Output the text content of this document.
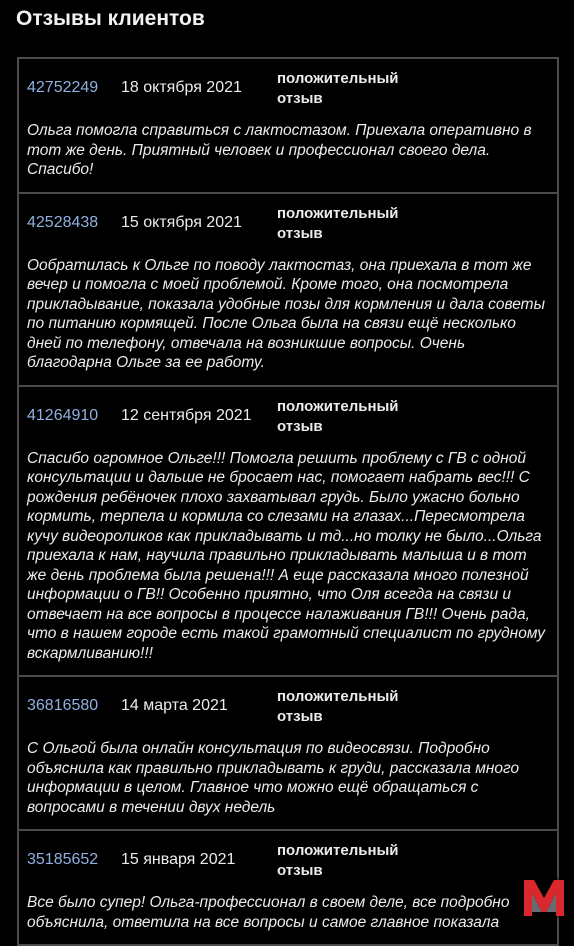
Отзывы клиентов
42752249 18 октября 2021
положительный отзыв
Ольга помогла справиться с лактостазом. Приехала оперативно в тот же день. Приятный человек и профессионал своего дела. Спасибо!
42528438 15 октября 2021
положительный отзыв
Ообратилась к Ольге по поводу лактостаз, она приехала в тот же вечер и помогла с моей проблемой. Кроме того, она посмотрела прикладывание, показала удобные позы для кормления и дала советы по питанию кормящей. После Ольга была на связи ещё несколько дней по телефону, отвечала на возникшие вопросы. Очень благодарна Ольге за ее работу.
41264910 12 сентября 2021
положительный отзыв
Спасибо огромное Ольге!!! Помогла решить проблему с ГВ с одной консультации и дальше не бросает нас, помогает набрать вес!!! С рождения ребёночек плохо захватывал грудь. Было ужасно больно кормить, терпела и кормила со слезами на глазах...Пересмотрела кучу видеороликов как прикладывать и тд...но толку не было...Ольга приехала к нам, научила правильно прикладывать малыша и в тот же день проблема была решена!!! А еще рассказала много полезной информации о ГВ!! Особенно приятно, что Оля всегда на связи и отвечает на все вопросы в процессе налаживания ГВ!!! Очень рада, что в нашем городе есть такой грамотный специалист по грудному вскармливанию!!!
36816580 14 марта 2021
положительный отзыв
С Ольгой была онлайн консультация по видеосвязи. Подробно объяснила как правильно прикладывать к груди, рассказала много информации в целом. Главное что можно ещё обращаться с вопросами в течении двух недель
35185652 15 января 2021
положительный отзыв
Все было супер! Ольга-профессионал в своем деле, все подробно объяснила, ответила на все вопросы и самое главное показала
